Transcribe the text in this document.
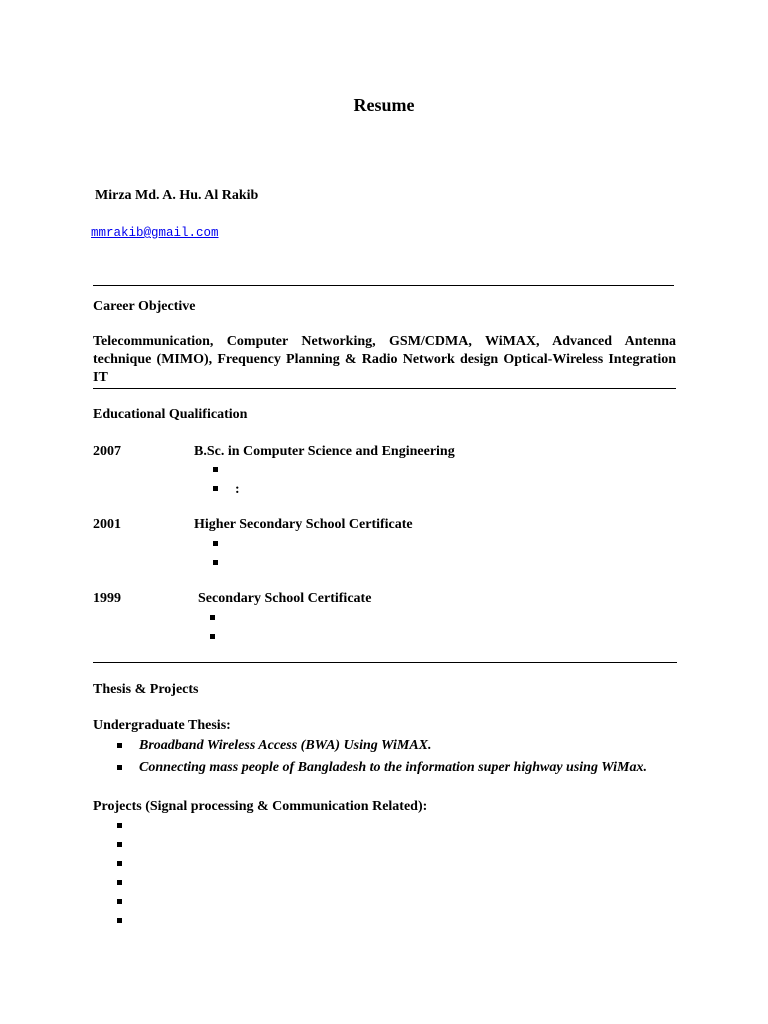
Resume
Mirza Md. A. Hu. Al Rakib
mmrakib@gmail.com
Career Objective
Telecommunication, Computer Networking, GSM/CDMA, WiMAX, Advanced Antenna technique (MIMO), Frequency Planning & Radio Network design Optical-Wireless Integration IT
Educational Qualification
2007	B.Sc. in Computer Science and Engineering
:
2001	Higher Secondary School Certificate
1999	Secondary School Certificate
Thesis & Projects
Undergraduate Thesis:
Broadband Wireless Access (BWA) Using WiMAX.
Connecting mass people of Bangladesh to the information super highway using WiMax.
Projects (Signal processing & Communication Related):
